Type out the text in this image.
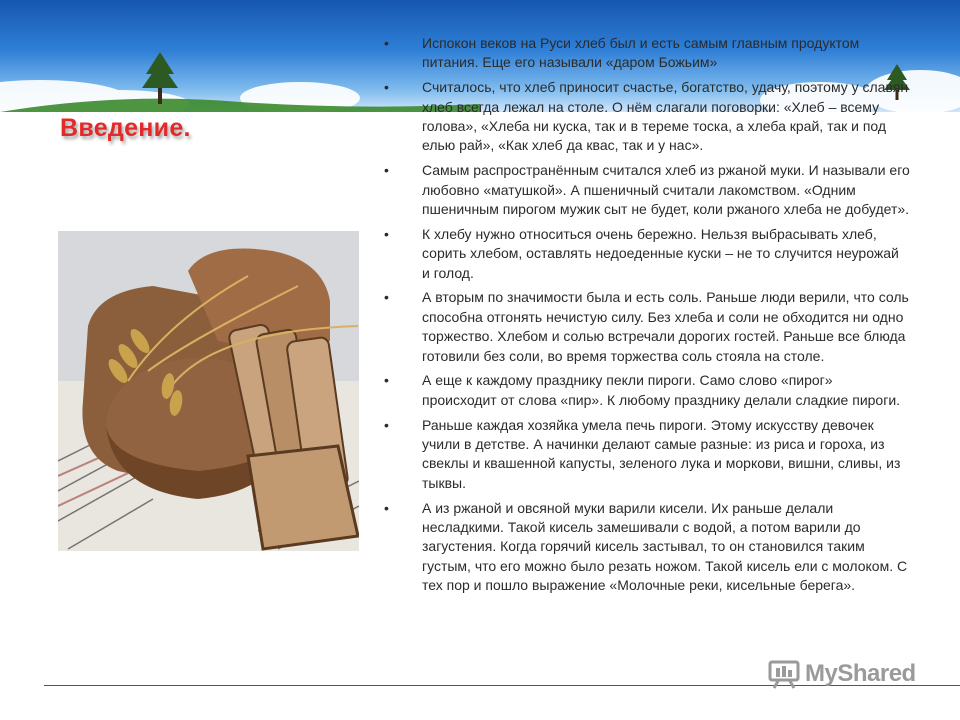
Введение.
• Испокон веков на Руси хлеб был и есть самым главным продуктом питания. Еще его называли «даром Божьим»
• Считалось, что хлеб приносит счастье, богатство, удачу, поэтому у славян хлеб всегда лежал на столе. О нём слагали поговорки: «Хлеб – всему голова», «Хлеба ни куска, так и в тереме тоска, а хлеба край, так и под елью рай», «Как хлеб да квас, так и у нас».
• Самым распространённым считался хлеб из ржаной муки. И называли его любовно «матушкой». А пшеничный считали лакомством. «Одним пшеничным пирогом мужик сыт не будет, коли ржаного хлеба не добудет».
• К хлебу нужно относиться очень бережно. Нельзя выбрасывать хлеб, сорить хлебом, оставлять недоеденные куски – не то случится неурожай и голод.
• А вторым по значимости была и есть соль. Раньше люди верили, что соль способна отгонять нечистую силу. Без хлеба и соли не обходится ни одно торжество. Хлебом и солью встречали дорогих гостей. Раньше все блюда готовили без соли, во время торжества соль стояла на столе.
• А еще к каждому празднику пекли пироги. Само слово «пирог» происходит от слова «пир». К любому празднику делали сладкие пироги.
• Раньше каждая хозяйка умела печь пироги. Этому искусству девочек учили в детстве. А начинки делают самые разные: из риса и гороха, из свеклы и квашенной капусты, зеленого лука и моркови, вишни, сливы, из тыквы.
• А из ржаной и овсяной муки варили кисели. Их раньше делали несладкими. Такой кисель замешивали с водой, а потом варили до загустения. Когда горячий кисель застывал, то он становился таким густым, что его можно было резать ножом. Такой кисель ели с молоком. С тех пор и пошло выражение «Молочные реки, кисельные берега».
MyShared
